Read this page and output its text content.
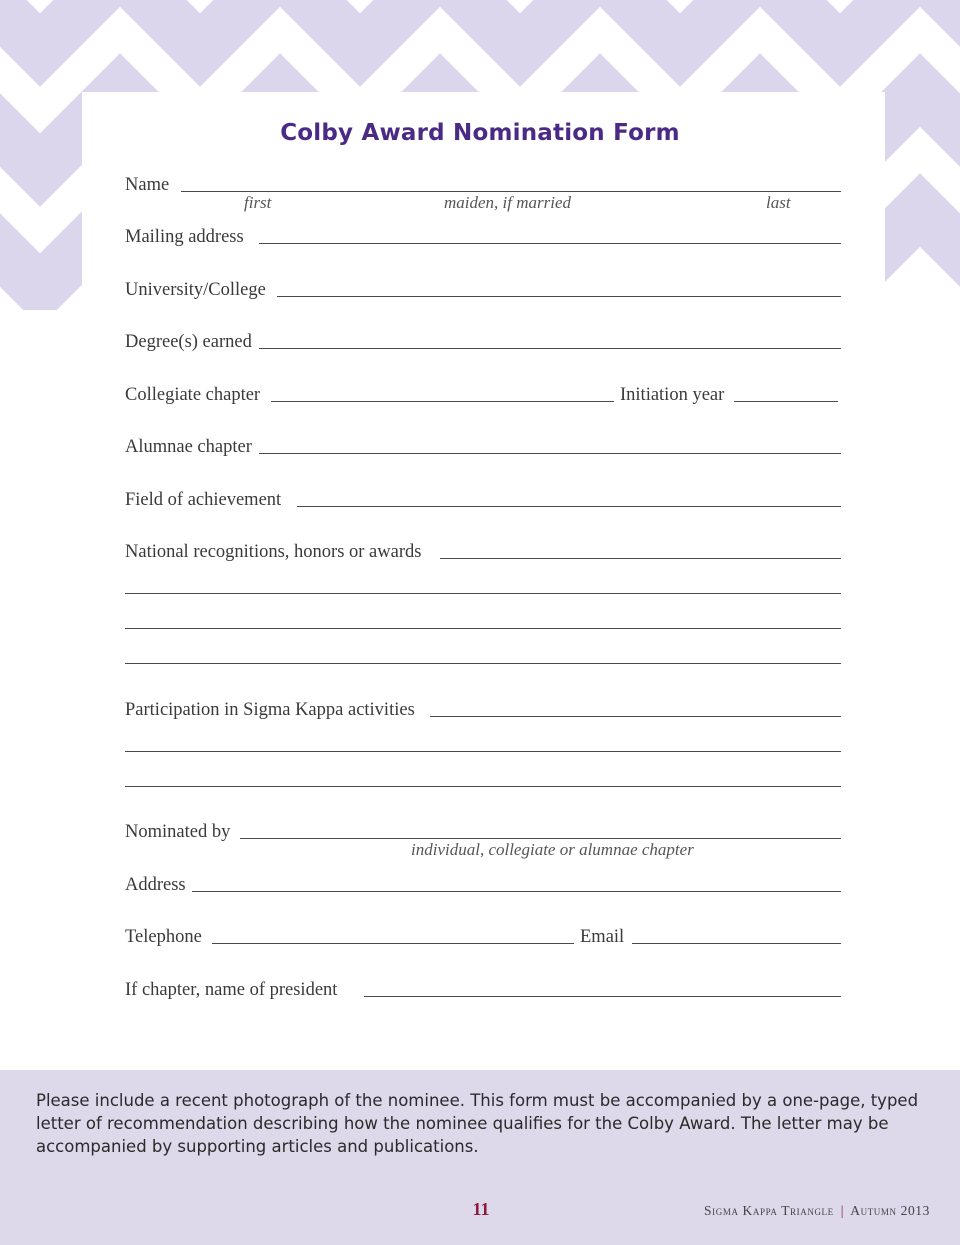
Colby Award Nomination Form
Name
first	maiden, if married	last
Mailing address
University/College
Degree(s) earned
Collegiate chapter	Initiation year
Alumnae chapter
Field of achievement
National recognitions, honors or awards
Participation in Sigma Kappa activities
Nominated by
individual, collegiate or alumnae chapter
Address
Telephone	Email
If chapter, name of president
Please include a recent photograph of the nominee. This form must be accompanied by a one-page, typed letter of recommendation describing how the nominee qualifies for the Colby Award. The letter may be accompanied by supporting articles and publications.
11	Sigma Kappa Triangle | Autumn 2013
